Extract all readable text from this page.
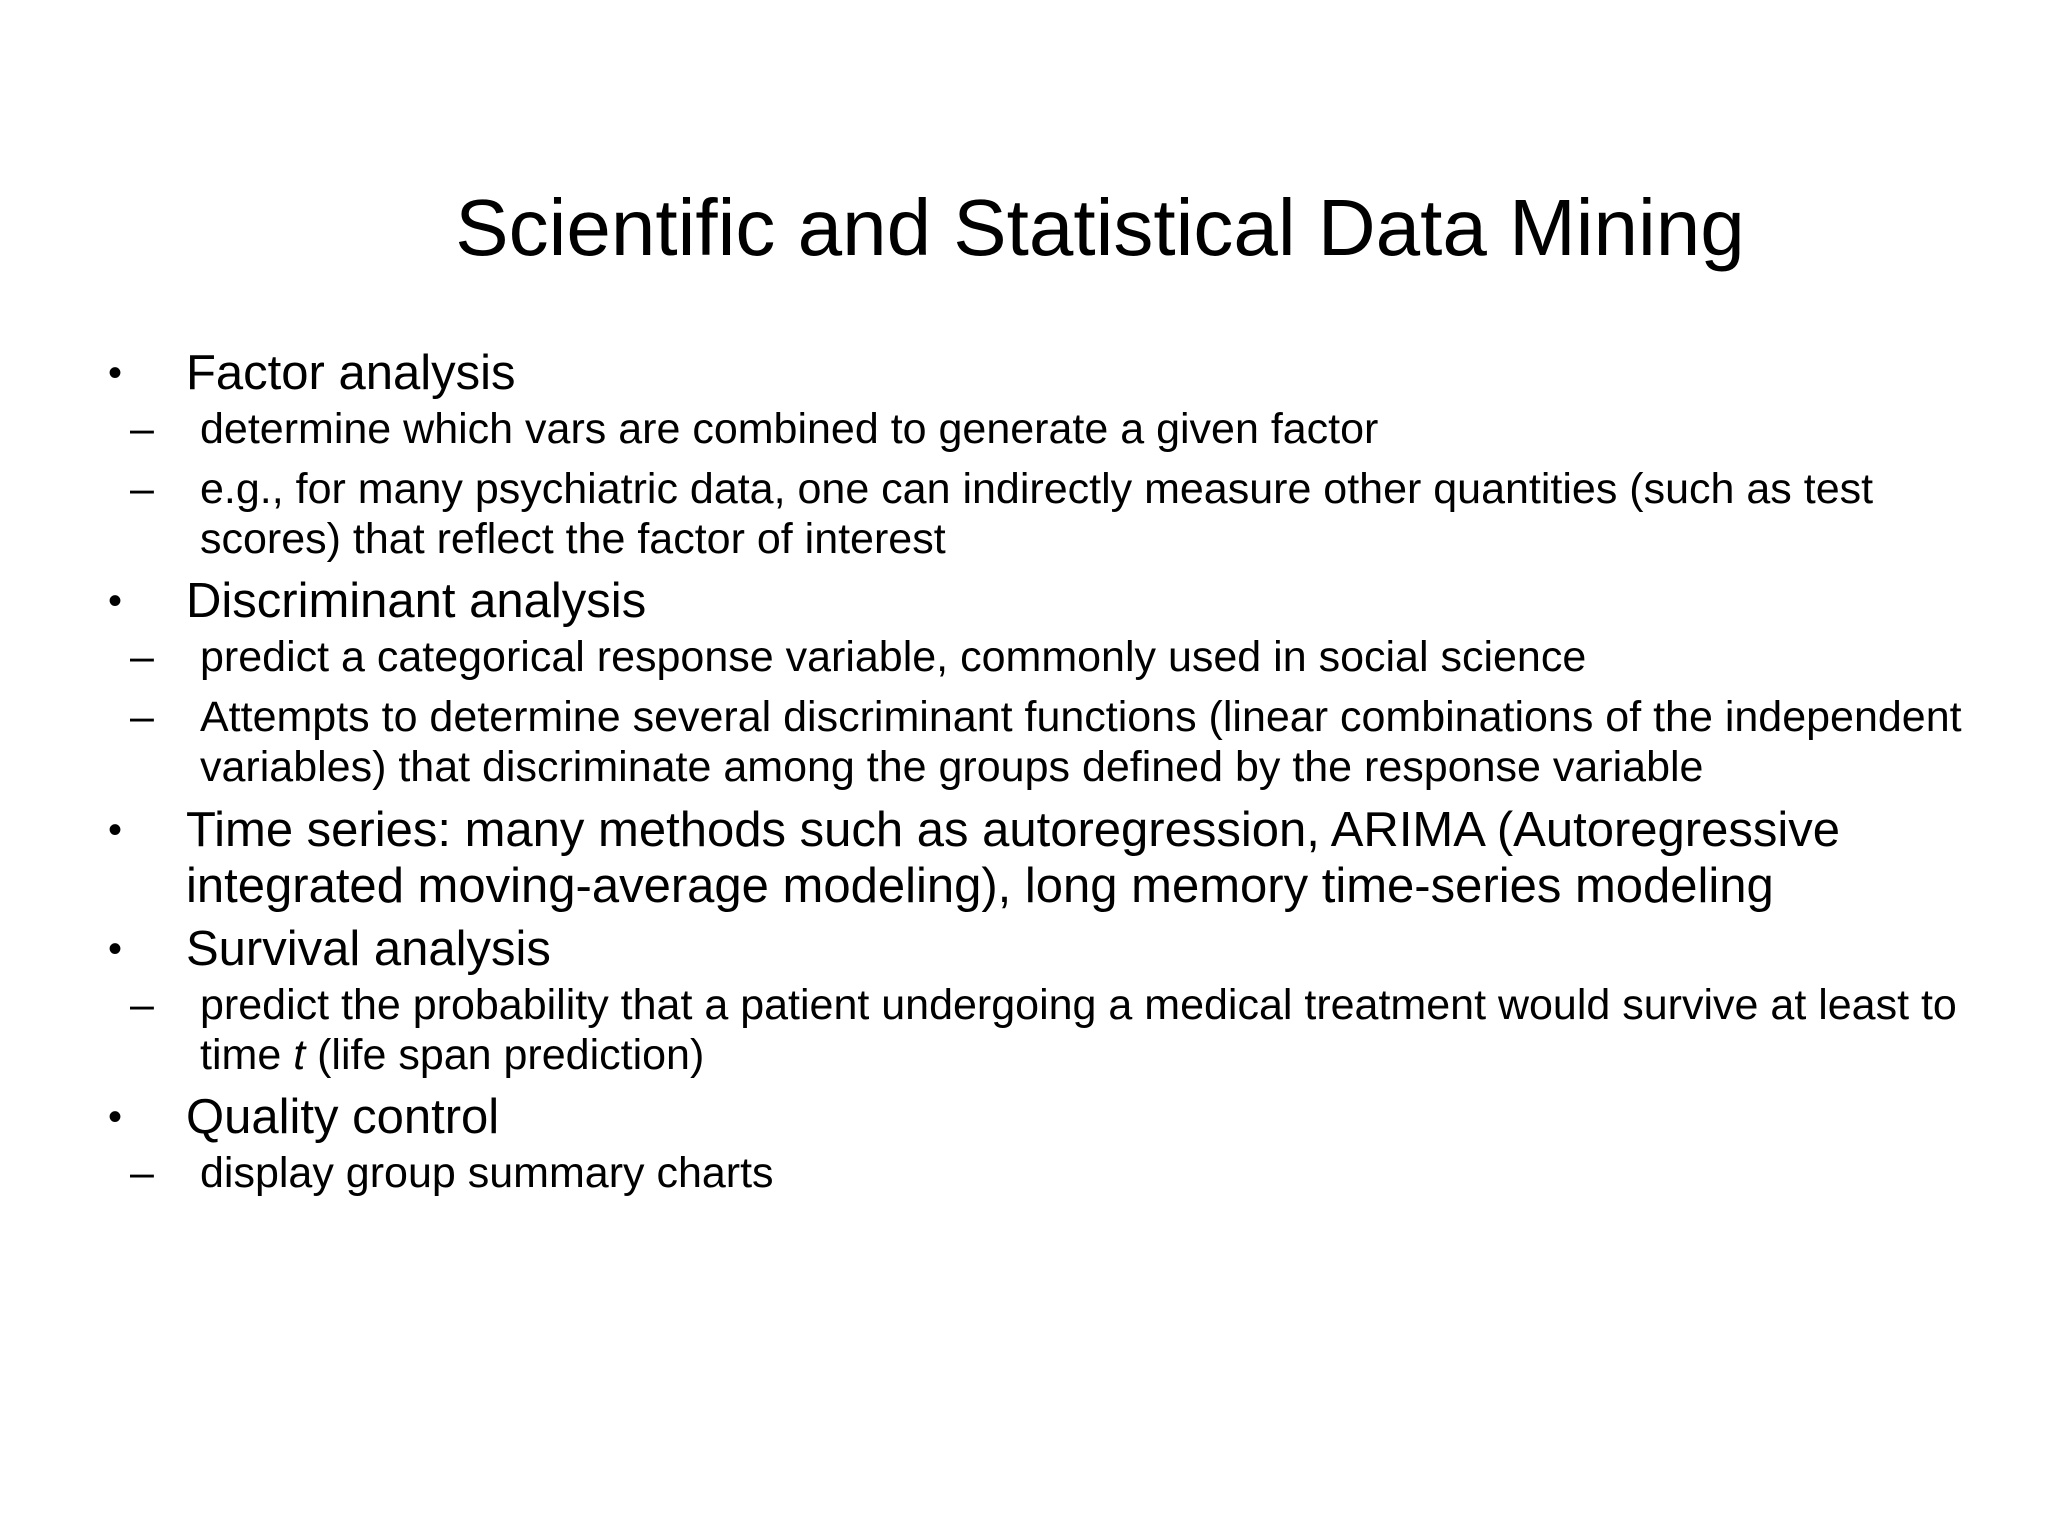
Scientific and Statistical Data Mining
•	Factor analysis
– determine which vars are combined to generate a given factor
– e.g., for many psychiatric data, one can indirectly measure other quantities (such as test scores) that reflect the factor of interest
•	Discriminant analysis
– predict a categorical response variable, commonly used in social science
– Attempts to determine several discriminant functions (linear combinations of the independent variables) that discriminate among the groups defined by the response variable
•	Time series: many methods such as autoregression, ARIMA (Autoregressive integrated moving-average modeling), long memory time-series modeling
•	Survival analysis
– predict the probability that a patient undergoing a medical treatment would survive at least to time t (life span prediction)
•	Quality control
– display group summary charts
